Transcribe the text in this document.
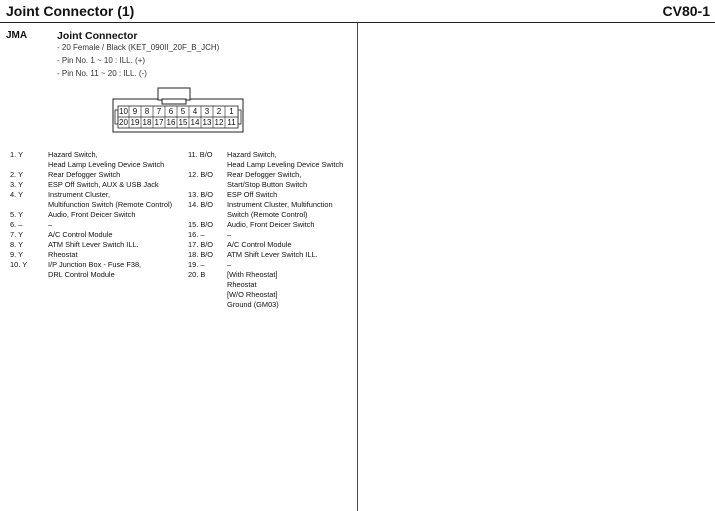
Joint Connector (1)	CV80-1
JMA	Joint Connector
- 20 Female / Black (KET_090II_20F_B_JCH)
- Pin No. 1 ~ 10 : ILL. (+)
- Pin No. 11 ~ 20 : ILL. (-)
10 9 8 7 6 5 4 3 2	1
20 19 18 17 16 15 14 13 12 11
1. Y	Hazard Switch,
Head Lamp Leveling Device Switch
2. Y	Rear Defogger Switch
3. Y	ESP Off Switch, AUX & USB Jack
4. Y	Instrument Cluster,
Multifunction Switch (Remote Control)
5. Y	Audio, Front Deicer Switch
6. –	–
7. Y	A/C Control Module
8. Y	ATM Shift Lever Switch ILL.
9. Y	Rheostat
10. Y	I/P Junction Box - Fuse F38,
DRL Control Module
11. B/O Hazard Switch,
Head Lamp Leveling Device Switch
12. B/O Rear Defogger Switch,
Start/Stop Button Switch
13. B/O ESP Off Switch
14. B/O Instrument Cluster, Multifunction
Switch (Remote Control)
15. B/O Audio, Front Deicer Switch
16. –	–
17. B/O A/C Control Module
18. B/O ATM Shift Lever Switch ILL.
19. –	–
20. B	[With Rheostat]
Rheostat
[W/O Rheostat]
Ground (GM03)
